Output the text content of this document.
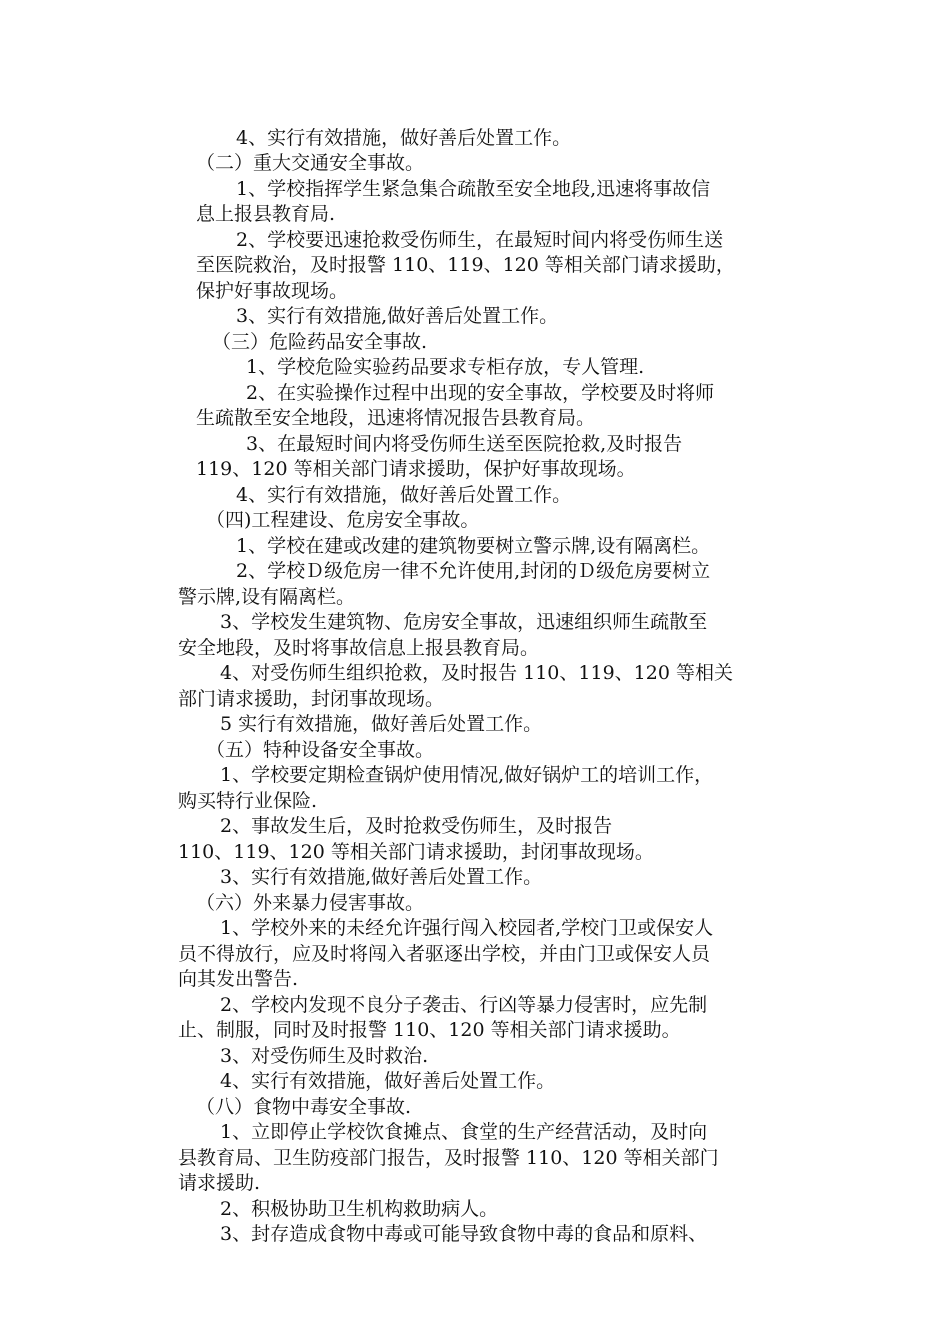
4、实行有效措施，做好善后处置工作。
（二）重大交通安全事故。
1、学校指挥学生紧急集合疏散至安全地段,迅速将事故信
息上报县教育局.
2、学校要迅速抢救受伤师生，在最短时间内将受伤师生送
至医院救治，及时报警 110、119、120 等相关部门请求援助，
保护好事故现场。
3、实行有效措施,做好善后处置工作。
（三）危险药品安全事故.
1、学校危险实验药品要求专柜存放，专人管理.
2、在实验操作过程中出现的安全事故，学校要及时将师
生疏散至安全地段，迅速将情况报告县教育局。
3、在最短时间内将受伤师生送至医院抢救,及时报告
119、120 等相关部门请求援助，保护好事故现场。
4、实行有效措施，做好善后处置工作。
（四)工程建设、危房安全事故。
1、学校在建或改建的建筑物要树立警示牌,设有隔离栏。
2、学校Ｄ级危房一律不允许使用,封闭的Ｄ级危房要树立
警示牌,设有隔离栏。
3、学校发生建筑物、危房安全事故，迅速组织师生疏散至
安全地段，及时将事故信息上报县教育局。
4、对受伤师生组织抢救，及时报告 110、119、120 等相关
部门请求援助，封闭事故现场。
5 实行有效措施，做好善后处置工作。
（五）特种设备安全事故。
1、学校要定期检查锅炉使用情况,做好锅炉工的培训工作，
购买特行业保险.
2、事故发生后，及时抢救受伤师生，及时报告
110、119、120 等相关部门请求援助，封闭事故现场。
3、实行有效措施,做好善后处置工作。
（六）外来暴力侵害事故。
1、学校外来的未经允许强行闯入校园者,学校门卫或保安人
员不得放行，应及时将闯入者驱逐出学校，并由门卫或保安人员
向其发出警告.
2、学校内发现不良分子袭击、行凶等暴力侵害时，应先制
止、制服，同时及时报警 110、120 等相关部门请求援助。
3、对受伤师生及时救治.
4、实行有效措施，做好善后处置工作。
（八）食物中毒安全事故.
1、立即停止学校饮食摊点、食堂的生产经营活动，及时向
县教育局、卫生防疫部门报告，及时报警 110、120 等相关部门
请求援助.
2、积极协助卫生机构救助病人。
3、封存造成食物中毒或可能导致食物中毒的食品和原料、
